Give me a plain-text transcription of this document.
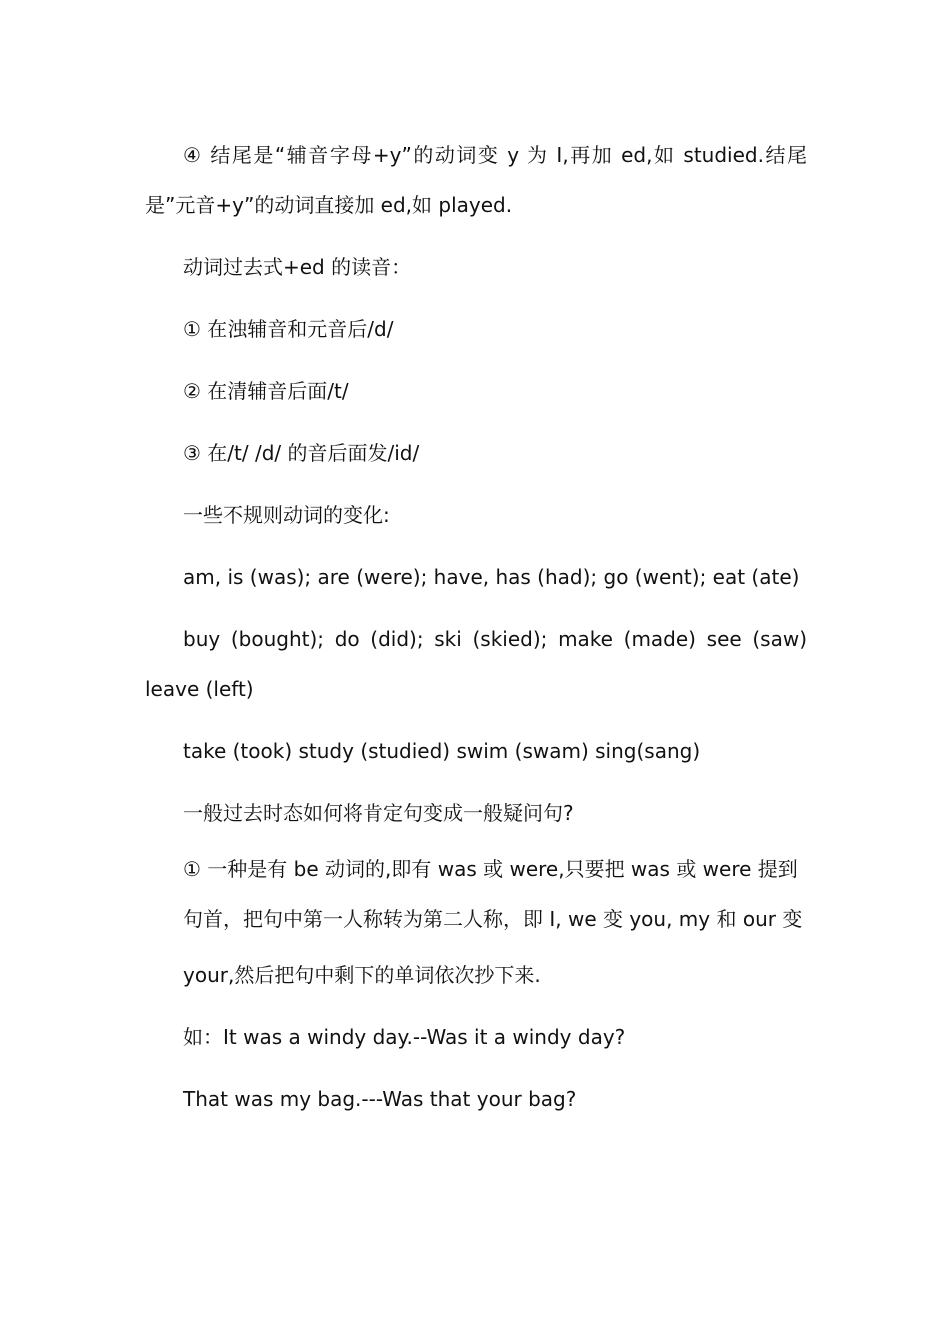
④ 结尾是“辅音字母+y”的动词变 y 为 I,再加 ed,如 studied.结尾是”元音+y”的动词直接加 ed,如 played.

动词过去式+ed 的读音：

① 在浊辅音和元音后/d/

② 在清辅音后面/t/

③ 在/t/ /d/ 的音后面发/id/

一些不规则动词的变化:

am, is (was); are (were); have, has (had); go (went); eat (ate)

buy (bought); do (did); ski (skied); make (made) see (saw) leave (left)

take (took) study (studied) swim (swam) sing(sang)

一般过去时态如何将肯定句变成一般疑问句?

① 一种是有 be 动词的,即有 was 或 were,只要把 was 或 were 提到

句首，把句中第一人称转为第二人称，即 I, we 变 you, my 和 our 变

your,然后把句中剩下的单词依次抄下来.

如：It was a windy day.--Was it a windy day?

That was my bag.---Was that your bag?
